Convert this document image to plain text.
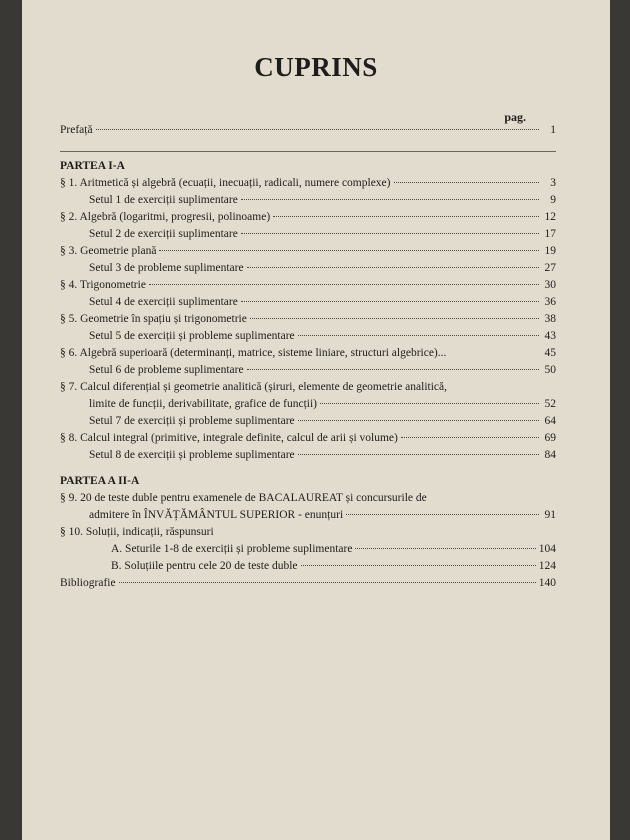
CUPRINS
pag.
Prefață	1
PARTEA I-A
§ 1. Aritmetică și algebră (ecuații, inecuații, radicali, numere complexe)	3
Setul 1 de exerciții suplimentare	9
§ 2. Algebră (logaritmi, progresii, polinoame)	12
Setul 2 de exerciții suplimentare	17
§ 3. Geometrie plană	19
Setul 3 de probleme suplimentare	27
§ 4. Trigonometrie	30
Setul 4 de exerciții suplimentare	36
§ 5. Geometrie în spațiu și trigonometrie	38
Setul 5 de exerciții și probleme suplimentare	43
§ 6. Algebră superioară (determinanți, matrice, sisteme liniare, structuri algebrice)...	45
Setul 6 de probleme suplimentare	50
§ 7. Calcul diferențial și geometrie analitică (șiruri, elemente de geometrie analitică,
limite de funcții, derivabilitate, grafice de funcții)	52
Setul 7 de exerciții și probleme suplimentare	64
§ 8. Calcul integral (primitive, integrale definite, calcul de arii și volume)	69
Setul 8 de exerciții și probleme suplimentare	84
PARTEA A II-A
§ 9. 20 de teste duble pentru examenele de BACALAUREAT și concursurile de
admitere în ÎNVĂȚĂMÂNTUL SUPERIOR - enunțuri	91
§ 10. Soluții, indicații, răspunsuri
A. Seturile 1-8 de exerciții și probleme suplimentare	104
B. Soluțiile pentru cele 20 de teste duble	124
Bibliografie	140
